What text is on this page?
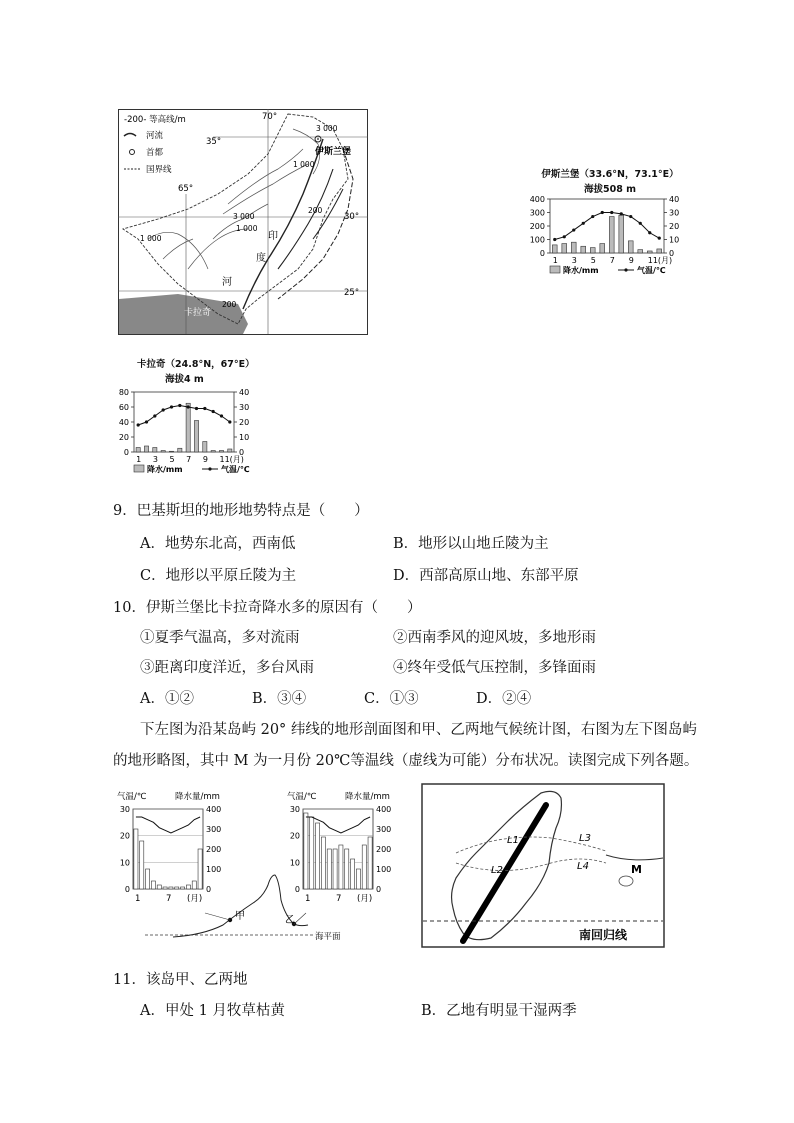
-200- 等高线/m
河流
首都
国界线
70°
65°
35°
30°
25°
3 000
1 000
3 000
1 000
200
1 000
200
伊斯兰堡
印
度
河
卡拉奇
伊斯兰堡（33.6°N，73.1°E）
海拔508 m
400
300
200
100
0
40
30
20
10
0
1 3 5 7 9 11(月)
降水/mm	气温/℃
卡拉奇（24.8°N，67°E）
海拔4 m
80
60
40
20
0
40
30
20
10
0
1 3 5 7 9 11(月)
降水/mm	气温/℃
9．巴基斯坦的地形地势特点是（　　）
A．地势东北高，西南低	B．地形以山地丘陵为主
C．地形以平原丘陵为主	D．西部高原山地、东部平原
10．伊斯兰堡比卡拉奇降水多的原因有（　　）
①夏季气温高，多对流雨	②西南季风的迎风坡，多地形雨
③距离印度洋近，多台风雨	④终年受低气压控制，多锋面雨
A．①②	B．③④	C．①③	D．②④
下左图为沿某岛屿 20° 纬线的地形剖面图和甲、乙两地气候统计图，右图为左下图岛屿
的地形略图，其中 M 为一月份 20℃等温线（虚线为可能）分布状况。读图完成下列各题。
气温/℃	降水量/mm
30
20
10
0
400
300
200
100
0
1	7 (月)
气温/℃	降水量/mm
30
20
10
0
400
300
200
100
0
1	7 (月)
甲	乙
海平面	南回归线
L1
L2
L3
L4	M
11．该岛甲、乙两地
A．甲处 1 月牧草枯黄	B．乙地有明显干湿两季
